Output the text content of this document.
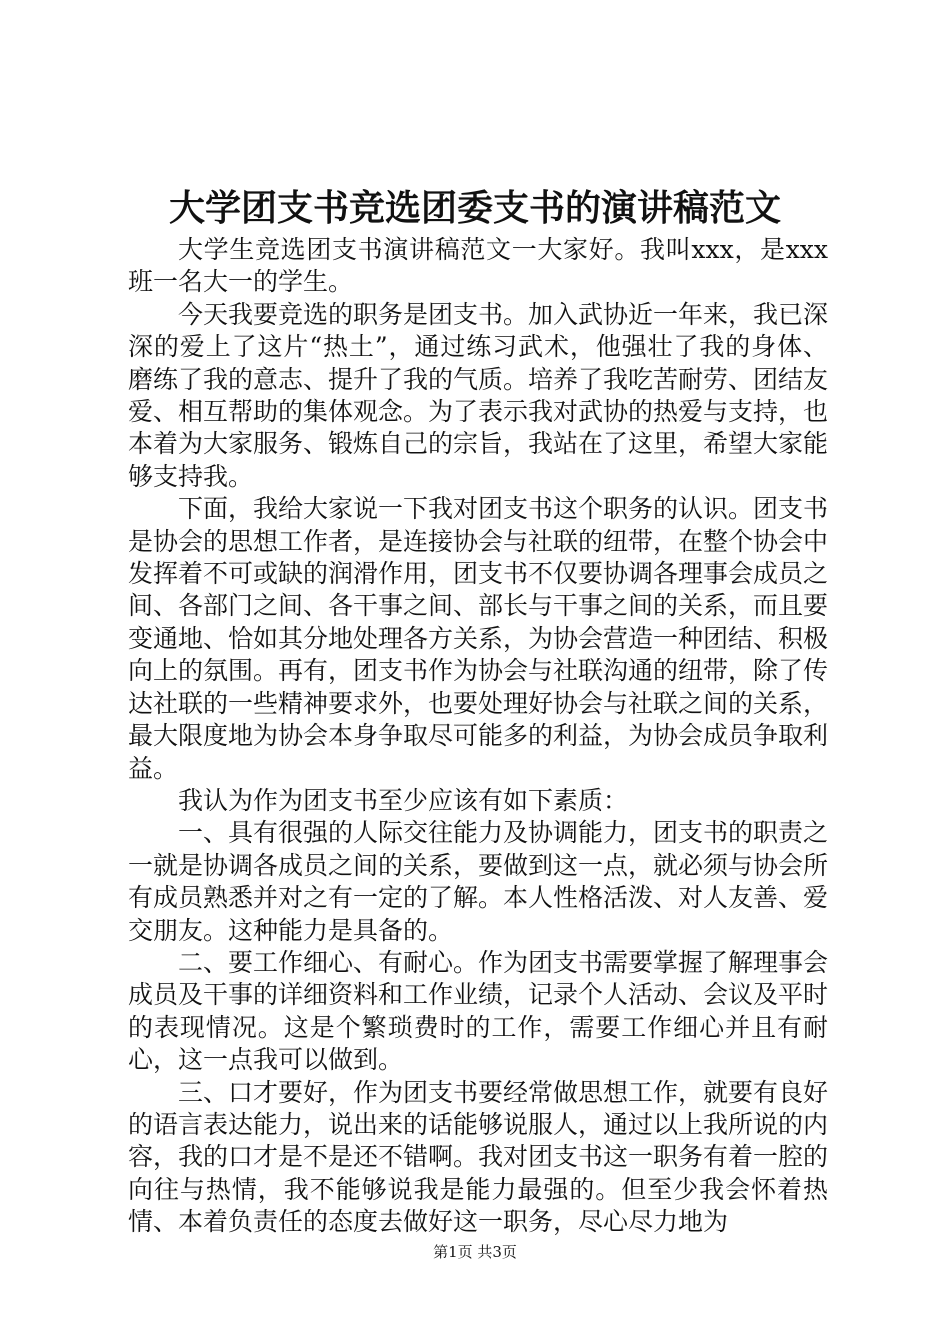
大学团支书竞选团委支书的演讲稿范文

大学生竞选团支书演讲稿范文一大家好。我叫xxx，是xxx班一名大一的学生。

今天我要竞选的职务是团支书。加入武协近一年来，我已深深的爱上了这片“热土”，通过练习武术，他强壮了我的身体、磨练了我的意志、提升了我的气质。培养了我吃苦耐劳、团结友爱、相互帮助的集体观念。为了表示我对武协的热爱与支持，也本着为大家服务、锻炼自己的宗旨，我站在了这里，希望大家能够支持我。

下面，我给大家说一下我对团支书这个职务的认识。团支书是协会的思想工作者，是连接协会与社联的纽带，在整个协会中发挥着不可或缺的润滑作用，团支书不仅要协调各理事会成员之间、各部门之间、各干事之间、部长与干事之间的关系，而且要变通地、恰如其分地处理各方关系，为协会营造一种团结、积极向上的氛围。再有，团支书作为协会与社联沟通的纽带，除了传达社联的一些精神要求外，也要处理好协会与社联之间的关系，最大限度地为协会本身争取尽可能多的利益，为协会成员争取利益。

我认为作为团支书至少应该有如下素质：

一、具有很强的人际交往能力及协调能力，团支书的职责之一就是协调各成员之间的关系，要做到这一点，就必须与协会所有成员熟悉并对之有一定的了解。本人性格活泼、对人友善、爱交朋友。这种能力是具备的。

二、要工作细心、有耐心。作为团支书需要掌握了解理事会成员及干事的详细资料和工作业绩，记录个人活动、会议及平时的表现情况。这是个繁琐费时的工作，需要工作细心并且有耐心，这一点我可以做到。

三、口才要好，作为团支书要经常做思想工作，就要有良好的语言表达能力，说出来的话能够说服人，通过以上我所说的内容，我的口才是不是还不错啊。我对团支书这一职务有着一腔的向往与热情，我不能够说我是能力最强的。但至少我会怀着热情、本着负责任的态度去做好这一职务，尽心尽力地为

第1页 共3页
